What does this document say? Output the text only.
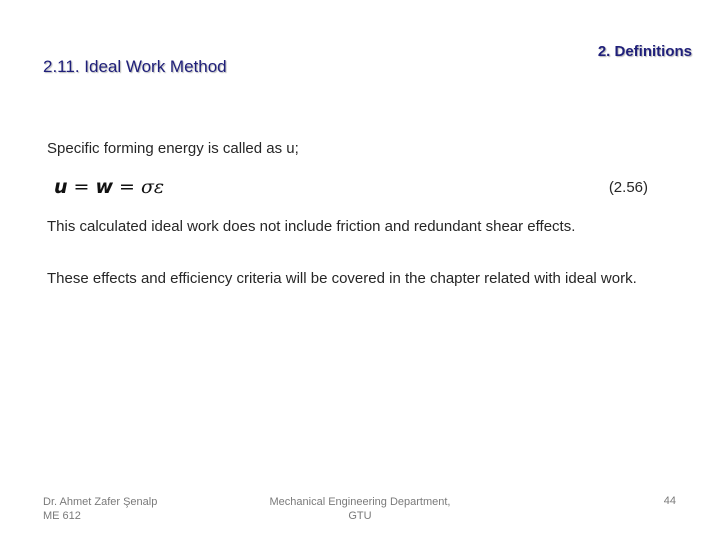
2.11. Ideal Work Method
2. Definitions
Specific forming energy is called as u;
u = w = σε	(2.56)
This calculated ideal work does not include friction and redundant shear effects.
These effects and efficiency criteria will be covered in the chapter related with ideal work.
Dr. Ahmet Zafer Şenalp
ME 612
Mechanical Engineering Department,
GTU
44
